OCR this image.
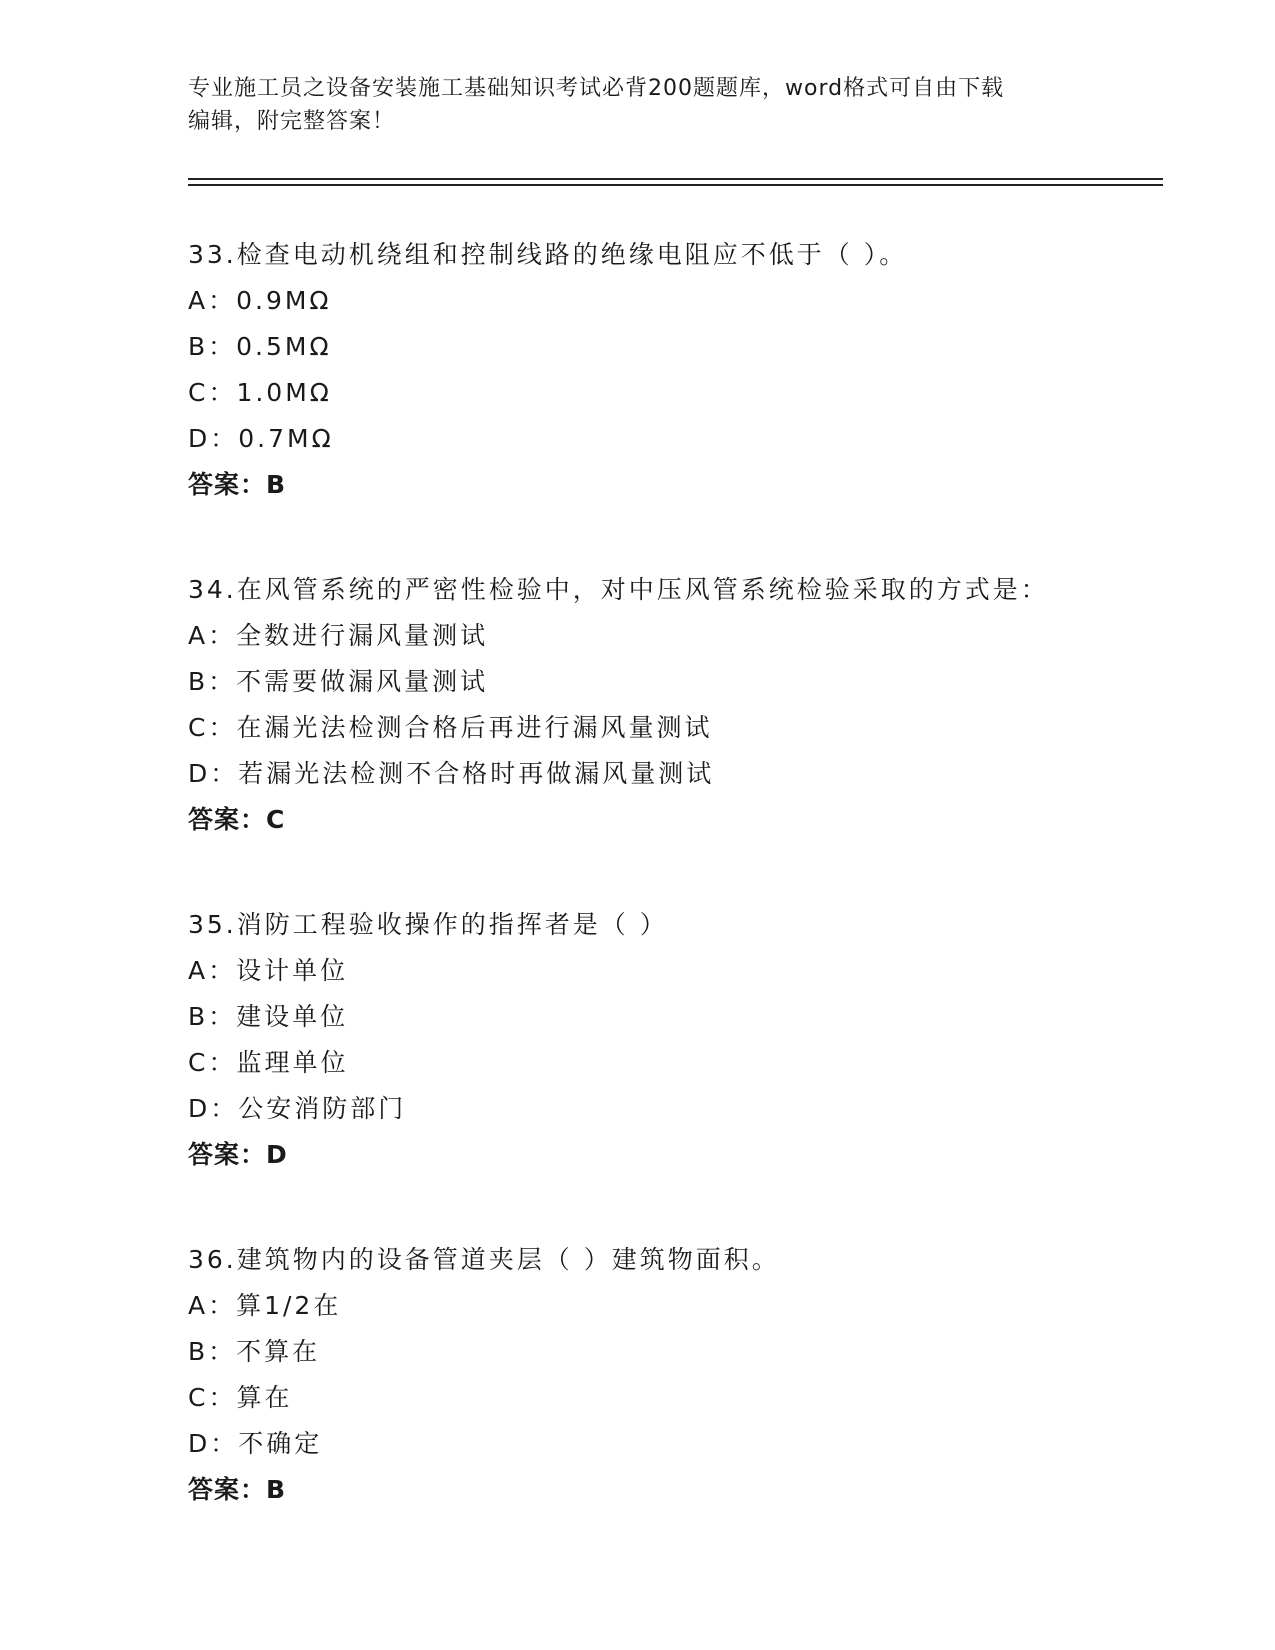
专业施工员之设备安装施工基础知识考试必背200题题库，word格式可自由下载
编辑，附完整答案！
33.检查电动机绕组和控制线路的绝缘电阻应不低于（ ）。
A：0.9MΩ
B：0.5MΩ
C：1.0MΩ
D：0.7MΩ
答案：B
34.在风管系统的严密性检验中，对中压风管系统检验采取的方式是：
A：全数进行漏风量测试
B：不需要做漏风量测试
C：在漏光法检测合格后再进行漏风量测试
D：若漏光法检测不合格时再做漏风量测试
答案：C
35.消防工程验收操作的指挥者是（ ）
A：设计单位
B：建设单位
C：监理单位
D：公安消防部门
答案：D
36.建筑物内的设备管道夹层（ ）建筑物面积。
A：算1/2在
B：不算在
C：算在
D：不确定
答案：B
